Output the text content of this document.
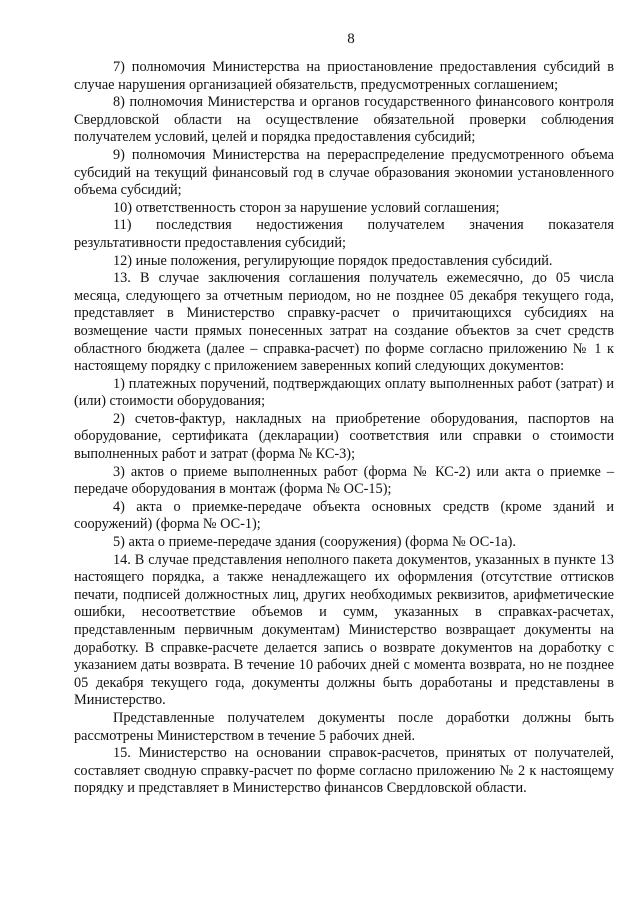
8

7) полномочия Министерства на приостановление предоставления субсидий в случае нарушения организацией обязательств, предусмотренных соглашением;

8) полномочия Министерства и органов государственного финансового контроля Свердловской области на осуществление обязательной проверки соблюдения получателем условий, целей и порядка предоставления субсидий;

9) полномочия Министерства на перераспределение предусмотренного объема субсидий на текущий финансовый год в случае образования экономии установленного объема субсидий;

10) ответственность сторон за нарушение условий соглашения;

11) последствия недостижения получателем значения показателя результативности предоставления субсидий;

12) иные положения, регулирующие порядок предоставления субсидий.

13. В случае заключения соглашения получатель ежемесячно, до 05 числа месяца, следующего за отчетным периодом, но не позднее 05 декабря текущего года, представляет в Министерство справку-расчет о причитающихся субсидиях на возмещение части прямых понесенных затрат на создание объектов за счет средств областного бюджета (далее – справка-расчет) по форме согласно приложению № 1 к настоящему порядку с приложением заверенных копий следующих документов:

1) платежных поручений, подтверждающих оплату выполненных работ (затрат) и (или) стоимости оборудования;

2) счетов-фактур, накладных на приобретение оборудования, паспортов на оборудование, сертификата (декларации) соответствия или справки о стоимости выполненных работ и затрат (форма № КС-3);

3) актов о приеме выполненных работ (форма № КС-2) или акта о приемке – передаче оборудования в монтаж (форма № ОС-15);

4) акта о приемке-передаче объекта основных средств (кроме зданий и сооружений) (форма № ОС-1);

5) акта о приеме-передаче здания (сооружения) (форма № ОС-1а).

14. В случае представления неполного пакета документов, указанных в пункте 13 настоящего порядка, а также ненадлежащего их оформления (отсутствие оттисков печати, подписей должностных лиц, других необходимых реквизитов, арифметические ошибки, несоответствие объемов и сумм, указанных в справках-расчетах, представленным первичным документам) Министерство возвращает документы на доработку. В справке-расчете делается запись о возврате документов на доработку с указанием даты возврата. В течение 10 рабочих дней с момента возврата, но не позднее 05 декабря текущего года, документы должны быть доработаны и представлены в Министерство.

Представленные получателем документы после доработки должны быть рассмотрены Министерством в течение 5 рабочих дней.

15. Министерство на основании справок-расчетов, принятых от получателей, составляет сводную справку-расчет по форме согласно приложению № 2 к настоящему порядку и представляет в Министерство финансов Свердловской области.
